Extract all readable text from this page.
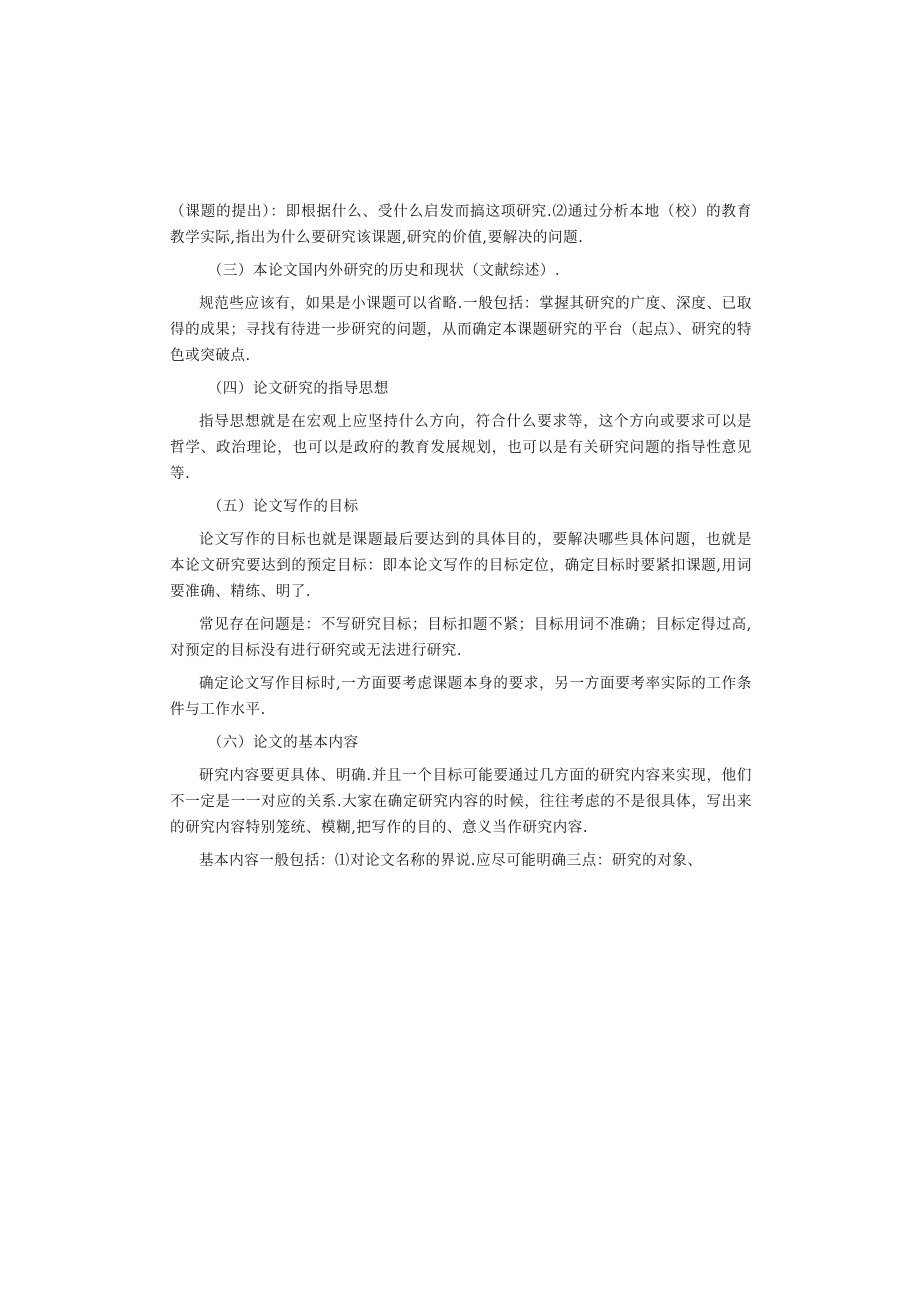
（课题的提出）：即根据什么、受什么启发而搞这项研究.⑵通过分析本地（校）的教育教学实际,指出为什么要研究该课题,研究的价值,要解决的问题.

（三）本论文国内外研究的历史和现状（文献综述）.

规范些应该有，如果是小课题可以省略.一般包括：掌握其研究的广度、深度、已取得的成果；寻找有待进一步研究的问题，从而确定本课题研究的平台（起点）、研究的特色或突破点.

（四）论文研究的指导思想

指导思想就是在宏观上应坚持什么方向，符合什么要求等，这个方向或要求可以是哲学、政治理论，也可以是政府的教育发展规划，也可以是有关研究问题的指导性意见等.

（五）论文写作的目标

论文写作的目标也就是课题最后要达到的具体目的，要解决哪些具体问题，也就是本论文研究要达到的预定目标：即本论文写作的目标定位，确定目标时要紧扣课题,用词要准确、精练、明了.

常见存在问题是：不写研究目标；目标扣题不紧；目标用词不准确；目标定得过高,对预定的目标没有进行研究或无法进行研究.

确定论文写作目标时,一方面要考虑课题本身的要求，另一方面要考率实际的工作条件与工作水平.

（六）论文的基本内容

研究内容要更具体、明确.并且一个目标可能要通过几方面的研究内容来实现，他们不一定是一一对应的关系.大家在确定研究内容的时候，往往考虑的不是很具体，写出来的研究内容特别笼统、模糊,把写作的目的、意义当作研究内容.

基本内容一般包括：⑴对论文名称的界说.应尽可能明确三点：研究的对象、
